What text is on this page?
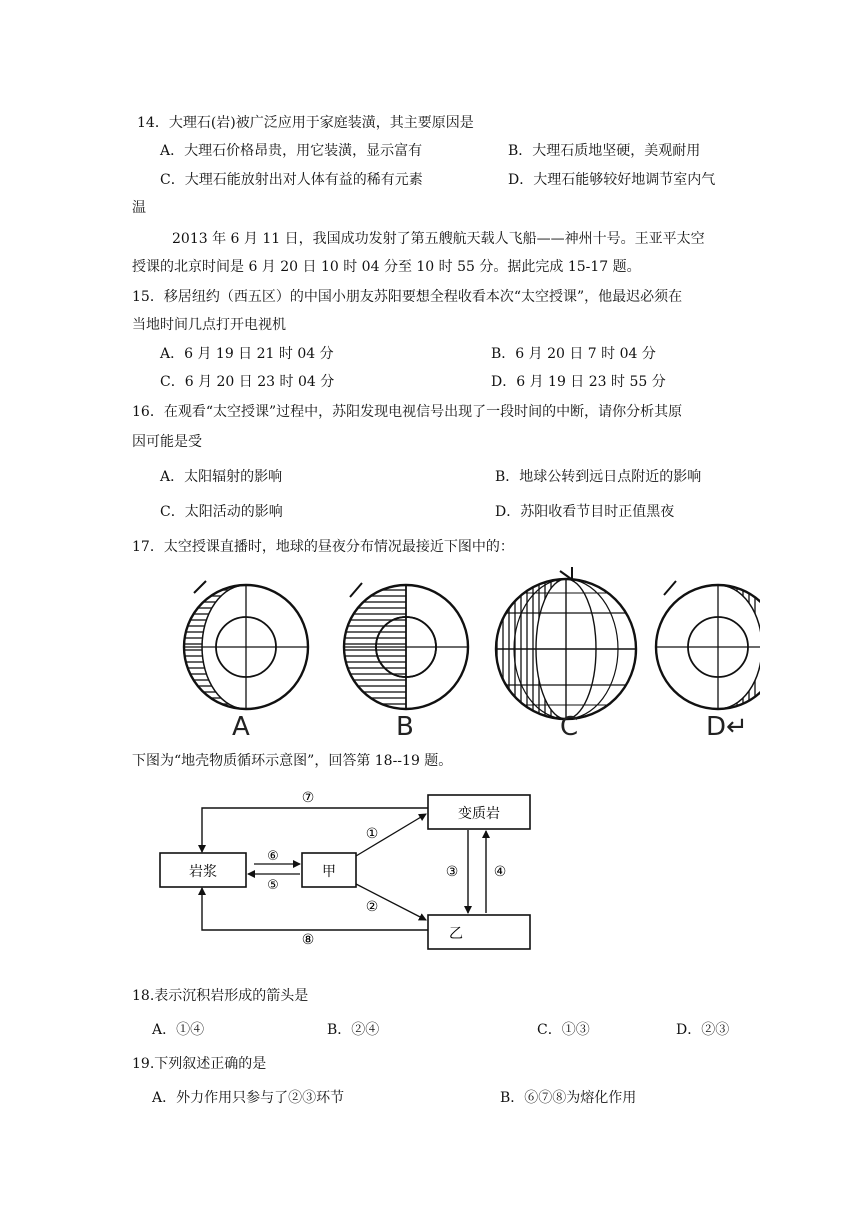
14．大理石(岩)被广泛应用于家庭装潢，其主要原因是
A．大理石价格昂贵，用它装潢，显示富有	B．大理石质地坚硬，美观耐用
C．大理石能放射出对人体有益的稀有元素	D．大理石能够较好地调节室内气
温
2013 年 6 月 11 日，我国成功发射了第五艘航天载人飞船——神州十号。王亚平太空
授课的北京时间是 6 月 20 日 10 时 04 分至 10 时 55 分。据此完成 15-17 题。
15．移居纽约（西五区）的中国小朋友苏阳要想全程收看本次“太空授课”，他最迟必须在
当地时间几点打开电视机
A．6 月 19 日 21 时 04 分	B．6 月 20 日 7 时 04 分
C．6 月 20 日 23 时 04 分	D．6 月 19 日 23 时 55 分
16．在观看“太空授课”过程中，苏阳发现电视信号出现了一段时间的中断，请你分析其原
因可能是受
A．太阳辐射的影响	B．地球公转到远日点附近的影响
C．太阳活动的影响	D．苏阳收看节目时正值黑夜
17．太空授课直播时，地球的昼夜分布情况最接近下图中的：
A	B	C	D↵
下图为“地壳物质循环示意图”，回答第 18--19 题。
岩浆	甲
变质岩
乙
⑦
⑧
⑥
⑤
①
②
③	④
18.表示沉积岩形成的箭头是
A．①④	B．②④	C．①③	D．②③
19.下列叙述正确的是
A．外力作用只参与了②③环节	B．⑥⑦⑧为熔化作用
